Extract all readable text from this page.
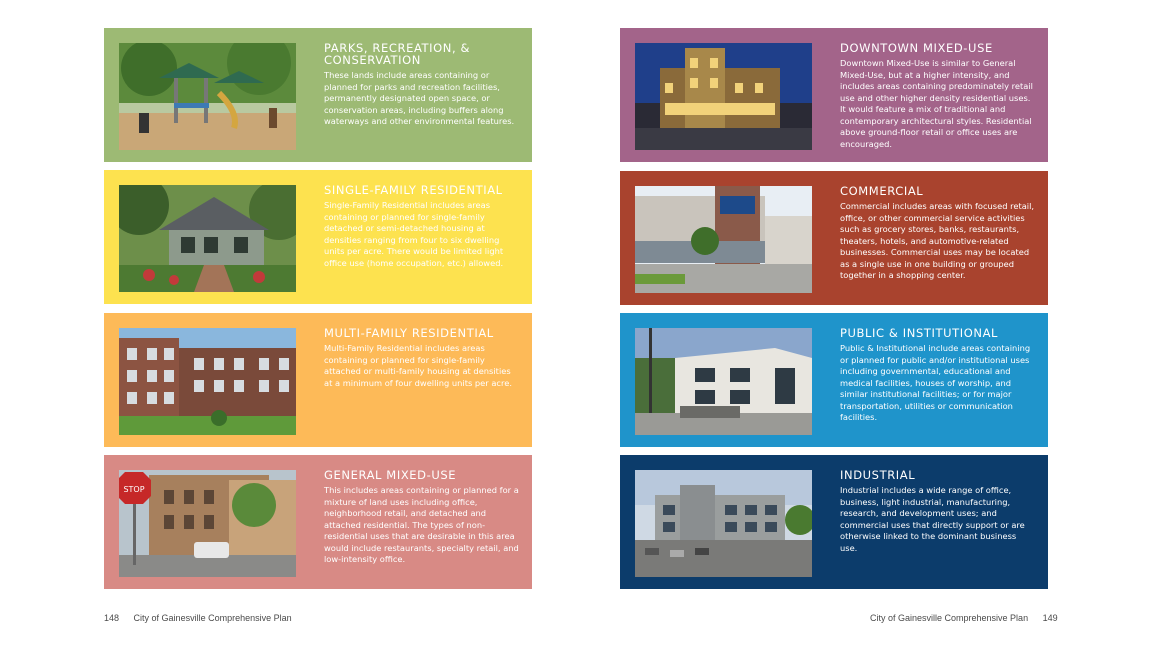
PARKS, RECREATION, & CONSERVATION

These lands include areas containing or planned for parks and recreation facilities, permanently designated open space, or conservation areas, including buffers along waterways and other environmental features.

SINGLE-FAMILY RESIDENTIAL

Single-Family Residential includes areas containing or planned for single-family detached or semi-detached housing at densities ranging from four to six dwelling units per acre. There would be limited light office use (home occupation, etc.) allowed.

MULTI-FAMILY RESIDENTIAL

Multi-Family Residential includes areas containing or planned for single-family attached or multi-family housing at densities at a minimum of four dwelling units per acre.

STOP
GENERAL MIXED-USE

This includes areas containing or planned for a mixture of land uses including office, neighborhood retail, and detached and attached residential. The types of non-residential uses that are desirable in this area would include restaurants, specialty retail, and low-intensity office.

148 City of Gainesville Comprehensive Plan
DOWNTOWN MIXED-USE

Downtown Mixed-Use is similar to General Mixed-Use, but at a higher intensity, and includes areas containing predominately retail use and other higher density residential uses. It would feature a mix of traditional and contemporary architectural styles. Residential above ground-floor retail or office uses are encouraged.

COMMERCIAL

Commercial includes areas with focused retail, office, or other commercial service activities such as grocery stores, banks, restaurants, theaters, hotels, and automotive-related businesses. Commercial uses may be located as a single use in one building or grouped together in a shopping center.

PUBLIC & INSTITUTIONAL

Public & Institutional include areas containing or planned for public and/or institutional uses including governmental, educational and medical facilities, houses of worship, and similar institutional facilities; or for major transportation, utilities or communication facilities.

INDUSTRIAL

Industrial includes a wide range of office, business, light industrial, manufacturing, research, and development uses; and commercial uses that directly support or are otherwise linked to the dominant business use.

City of Gainesville Comprehensive Plan 149
